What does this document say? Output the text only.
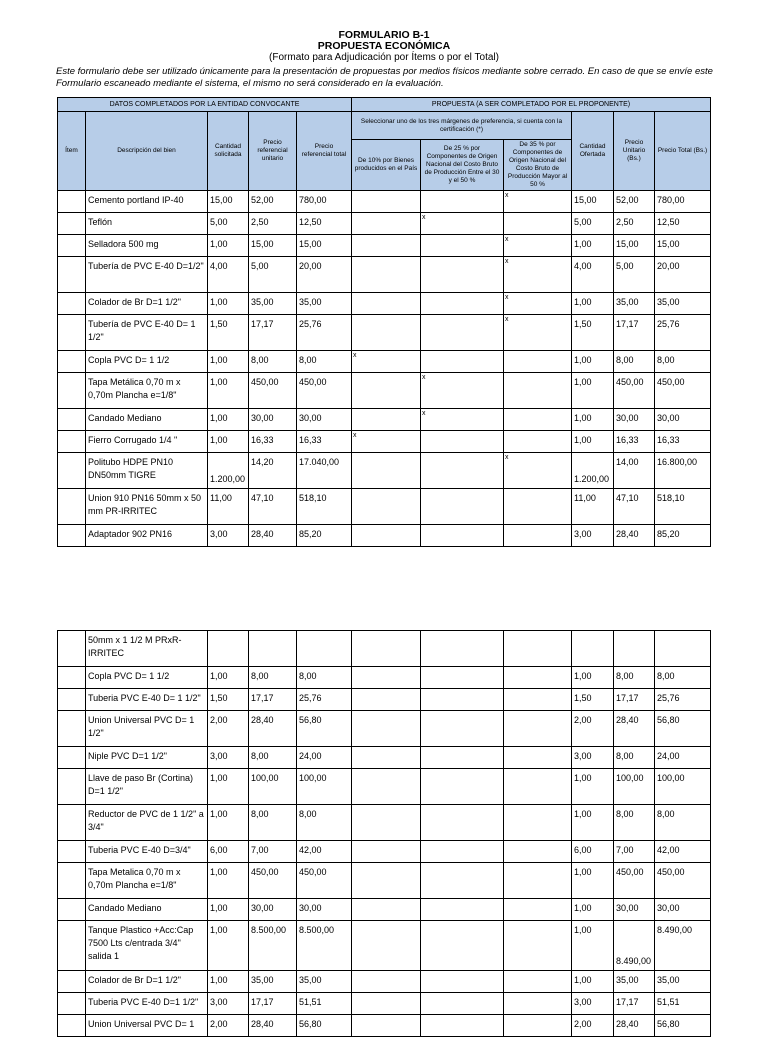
FORMULARIO B-1
PROPUESTA ECONÓMICA
(Formato para Adjudicación por Ítems o por el Total)
Este formulario debe ser utilizado únicamente para la presentación de propuestas por medios físicos mediante sobre cerrado. En caso de que se envíe este Formulario escaneado mediante el sistema, el mismo no será considerado en la evaluación.
DATOS COMPLETADOS POR LA ENTIDAD CONVOCANTE					PROPUESTA (A SER COMPLETADO POR EL PROPONENTE)					
Ítem	Descripción del bien	Cantidad solicitada	Precio referencial unitario	Precio referencial total	Seleccionar uno de los tres márgenes de preferencia, si cuenta con la certificación (*)			Cantidad Ofertada	Precio Unitario (Bs.)	Precio Total (Bs.)
					De 10% por Bienes producidos en el País	De 25 % por Componentes de Origen Nacional del Costo Bruto de Producción Entre el 30 y el 50 %	De 35 % por Componentes de Origen Nacional del Costo Bruto de Producción Mayor al 50 %			
	Cemento portland IP-40	15,00	52,00	780,00			x	15,00	52,00	780,00
	Teflón	5,00	2,50	12,50		x		5,00	2,50	12,50
	Selladora 500 mg	1,00	15,00	15,00			x	1,00	15,00	15,00
	Tubería de PVC E-40 D=1/2"	4,00	5,00	20,00			x	4,00	5,00	20,00
	Colador de Br D=1 1/2"	1,00	35,00	35,00			x	1,00	35,00	35,00
	Tubería de PVC E-40 D= 1 1/2"	1,50	17,17	25,76			x	1,50	17,17	25,76
	Copla PVC D= 1 1/2	1,00	8,00	8,00	x			1,00	8,00	8,00
	Tapa Metálica 0,70 m x 0,70m Plancha e=1/8"	1,00	450,00	450,00		x		1,00	450,00	450,00
	Candado Mediano	1,00	30,00	30,00		x		1,00	30,00	30,00
	Fierro Corrugado 1/4 "	1,00	16,33	16,33	x			1,00	16,33	16,33
	Politubo HDPE PN10 DN50mm TIGRE	1.200,00	14,20	17.040,00			x	1.200,00	14,00	16.800,00
	Union 910 PN16 50mm x 50 mm PR-IRRITEC	11,00	47,10	518,10				11,00	47,10	518,10
	Adaptador 902 PN16	3,00	28,40	85,20				3,00	28,40	85,20
	50mm x 1 1/2 M PRxR-IRRITEC				

	Copla PVC D= 1 1/2	1,00	8,00	8,00				1,00	8,00	8,00
	Tuberia PVC E-40 D= 1 1/2"	1,50	17,17	25,76				1,50	17,17	25,76
	Union Universal PVC D= 1 1/2"	2,00	28,40	56,80				2,00	28,40	56,80
	Niple PVC D=1 1/2"	3,00	8,00	24,00				3,00	8,00	24,00
	Llave de paso Br (Cortina) D=1 1/2"	1,00	100,00	100,00				1,00	100,00	100,00
	Reductor de PVC de 1 1/2" a 3/4"	1,00	8,00	8,00				1,00	8,00	8,00
	Tuberia PVC E-40 D=3/4"	6,00	7,00	42,00				6,00	7,00	42,00
	Tapa Metalica 0,70 m x 0,70m Plancha e=1/8"	1,00	450,00	450,00				1,00	450,00	450,00
	Candado Mediano	1,00	30,00	30,00				1,00	30,00	30,00
	Tanque Plastico +Acc:Cap 7500 Lts c/entrada 3/4" salida 1	1,00	8.500,00	8.500,00				1,00	8.490,00	8.490,00
	Colador de Br D=1 1/2"	1,00	35,00	35,00				1,00	35,00	35,00
	Tuberia PVC E-40 D=1 1/2"	3,00	17,17	51,51				3,00	17,17	51,51
	Union Universal PVC D= 1	2,00	28,40	56,80				2,00	28,40	56,80
